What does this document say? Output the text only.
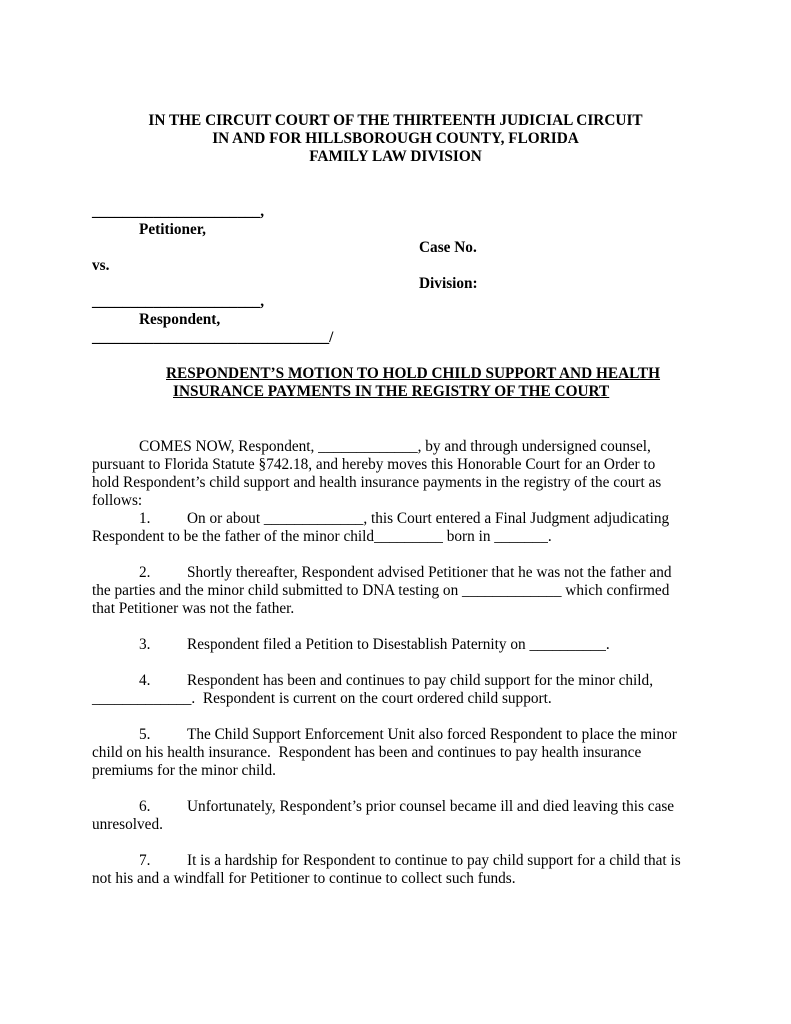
IN THE CIRCUIT COURT OF THE THIRTEENTH JUDICIAL CIRCUIT
IN AND FOR HILLSBOROUGH COUNTY, FLORIDA
FAMILY LAW DIVISION
______________________,
Petitioner,
Case No.
vs.
Division:
______________________,
Respondent,
_______________________________/
RESPONDENT’S MOTION TO HOLD CHILD SUPPORT AND HEALTH
INSURANCE PAYMENTS IN THE REGISTRY OF THE COURT
COMES NOW, Respondent, _____________, by and through undersigned counsel,
pursuant to Florida Statute §742.18, and hereby moves this Honorable Court for an Order to
hold Respondent’s child support and health insurance payments in the registry of the court as
follows:
1. On or about _____________, this Court entered a Final Judgment adjudicating
Respondent to be the father of the minor child_________ born in _______.
2. Shortly thereafter, Respondent advised Petitioner that he was not the father and
the parties and the minor child submitted to DNA testing on _____________ which confirmed
that Petitioner was not the father.
3. Respondent filed a Petition to Disestablish Paternity on __________.
4. Respondent has been and continues to pay child support for the minor child,
_____________.  Respondent is current on the court ordered child support.
5. The Child Support Enforcement Unit also forced Respondent to place the minor
child on his health insurance.  Respondent has been and continues to pay health insurance
premiums for the minor child.
6. Unfortunately, Respondent’s prior counsel became ill and died leaving this case
unresolved.
7. It is a hardship for Respondent to continue to pay child support for a child that is
not his and a windfall for Petitioner to continue to collect such funds.
